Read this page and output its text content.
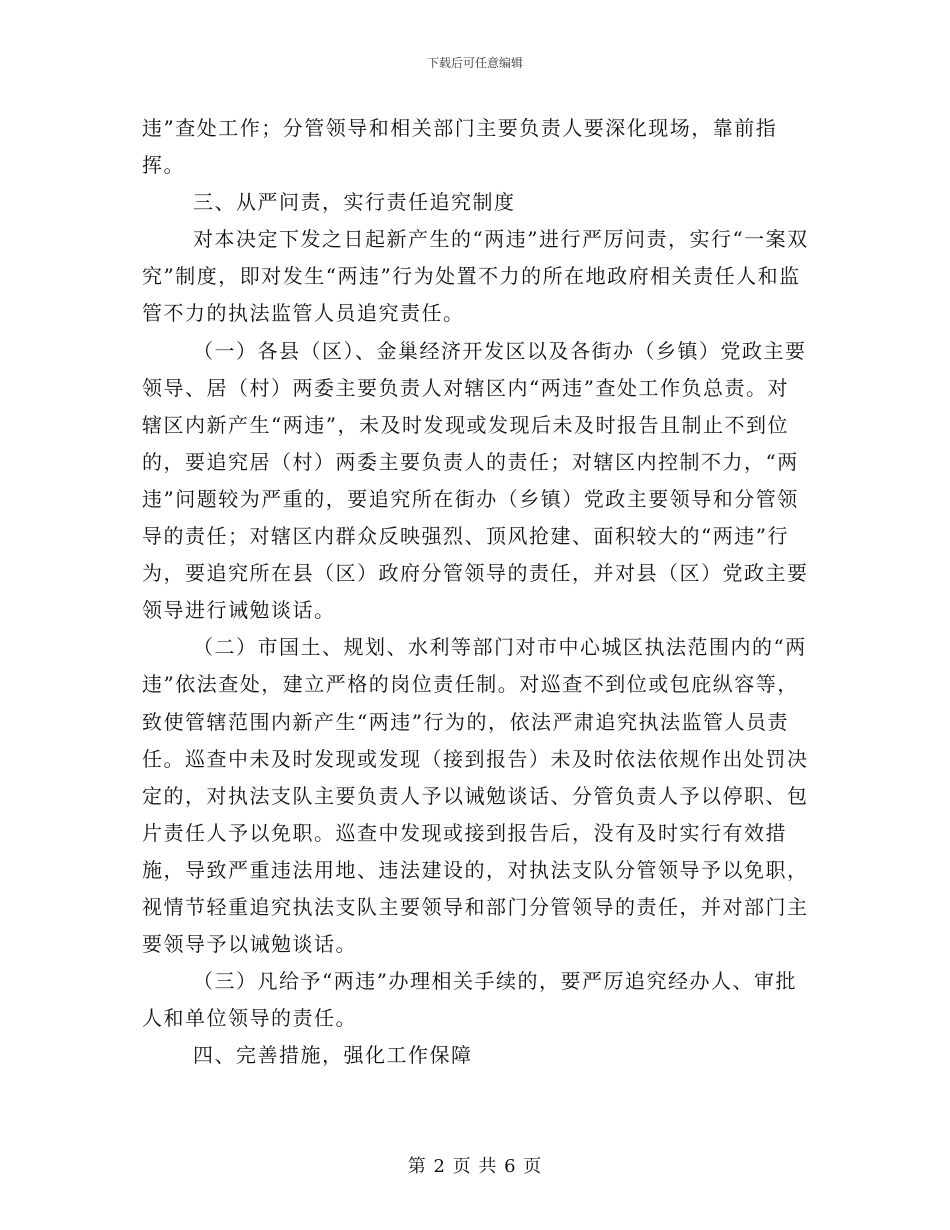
下载后可任意编辑

违”查处工作；分管领导和相关部门主要负责人要深化现场，靠前指挥。

三、从严问责，实行责任追究制度

对本决定下发之日起新产生的“两违”进行严厉问责，实行“一案双究”制度，即对发生“两违”行为处置不力的所在地政府相关责任人和监管不力的执法监管人员追究责任。

（一）各县（区）、金巢经济开发区以及各街办（乡镇）党政主要领导、居（村）两委主要负责人对辖区内“两违”查处工作负总责。对辖区内新产生“两违”，未及时发现或发现后未及时报告且制止不到位的，要追究居（村）两委主要负责人的责任；对辖区内控制不力，“两违”问题较为严重的，要追究所在街办（乡镇）党政主要领导和分管领导的责任；对辖区内群众反映强烈、顶风抢建、面积较大的“两违”行为，要追究所在县（区）政府分管领导的责任，并对县（区）党政主要领导进行诫勉谈话。

（二）市国土、规划、水利等部门对市中心城区执法范围内的“两违”依法查处，建立严格的岗位责任制。对巡查不到位或包庇纵容等，致使管辖范围内新产生“两违”行为的，依法严肃追究执法监管人员责任。巡查中未及时发现或发现（接到报告）未及时依法依规作出处罚决定的，对执法支队主要负责人予以诫勉谈话、分管负责人予以停职、包片责任人予以免职。巡查中发现或接到报告后，没有及时实行有效措施，导致严重违法用地、违法建设的，对执法支队分管领导予以免职，视情节轻重追究执法支队主要领导和部门分管领导的责任，并对部门主要领导予以诫勉谈话。

（三）凡给予“两违”办理相关手续的，要严厉追究经办人、审批人和单位领导的责任。

四、完善措施，强化工作保障

第 2 页 共 6 页
